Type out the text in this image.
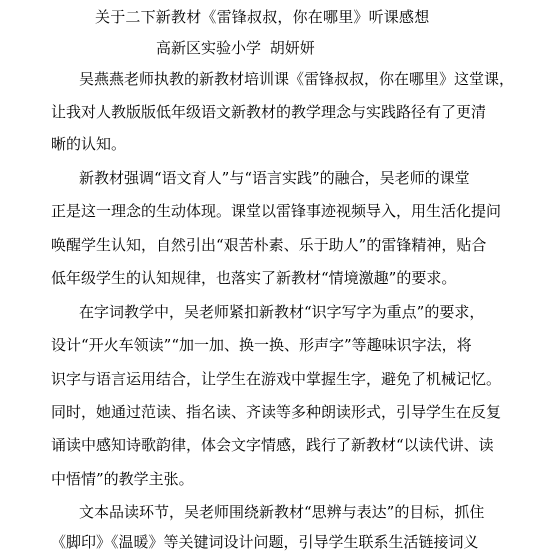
关于二下新教材《雷锋叔叔，你在哪里》听课感想
高新区实验小学 胡妍妍
吴燕燕老师执教的新教材培训课《雷锋叔叔，你在哪里》这堂课，
让我对人教版版低年级语文新教材的教学理念与实践路径有了更清
晰的认知。
新教材强调“语文育人”与“语言实践”的融合，吴老师的课堂
正是这一理念的生动体现。课堂以雷锋事迹视频导入，用生活化提问
唤醒学生认知，自然引出“艰苦朴素、乐于助人”的雷锋精神，贴合
低年级学生的认知规律，也落实了新教材“情境激趣”的要求。
在字词教学中，吴老师紧扣新教材“识字写字为重点”的要求，
设计“开火车领读”“加一加、换一换、形声字”等趣味识字法，将
识字与语言运用结合，让学生在游戏中掌握生字，避免了机械记忆。
同时，她通过范读、指名读、齐读等多种朗读形式，引导学生在反复
诵读中感知诗歌韵律，体会文字情感，践行了新教材“以读代讲、读
中悟情”的教学主张。
文本品读环节，吴老师围绕新教材“思辨与表达”的目标，抓住
《脚印》《温暖》等关键词设计问题，引导学生联系生活链接词义
